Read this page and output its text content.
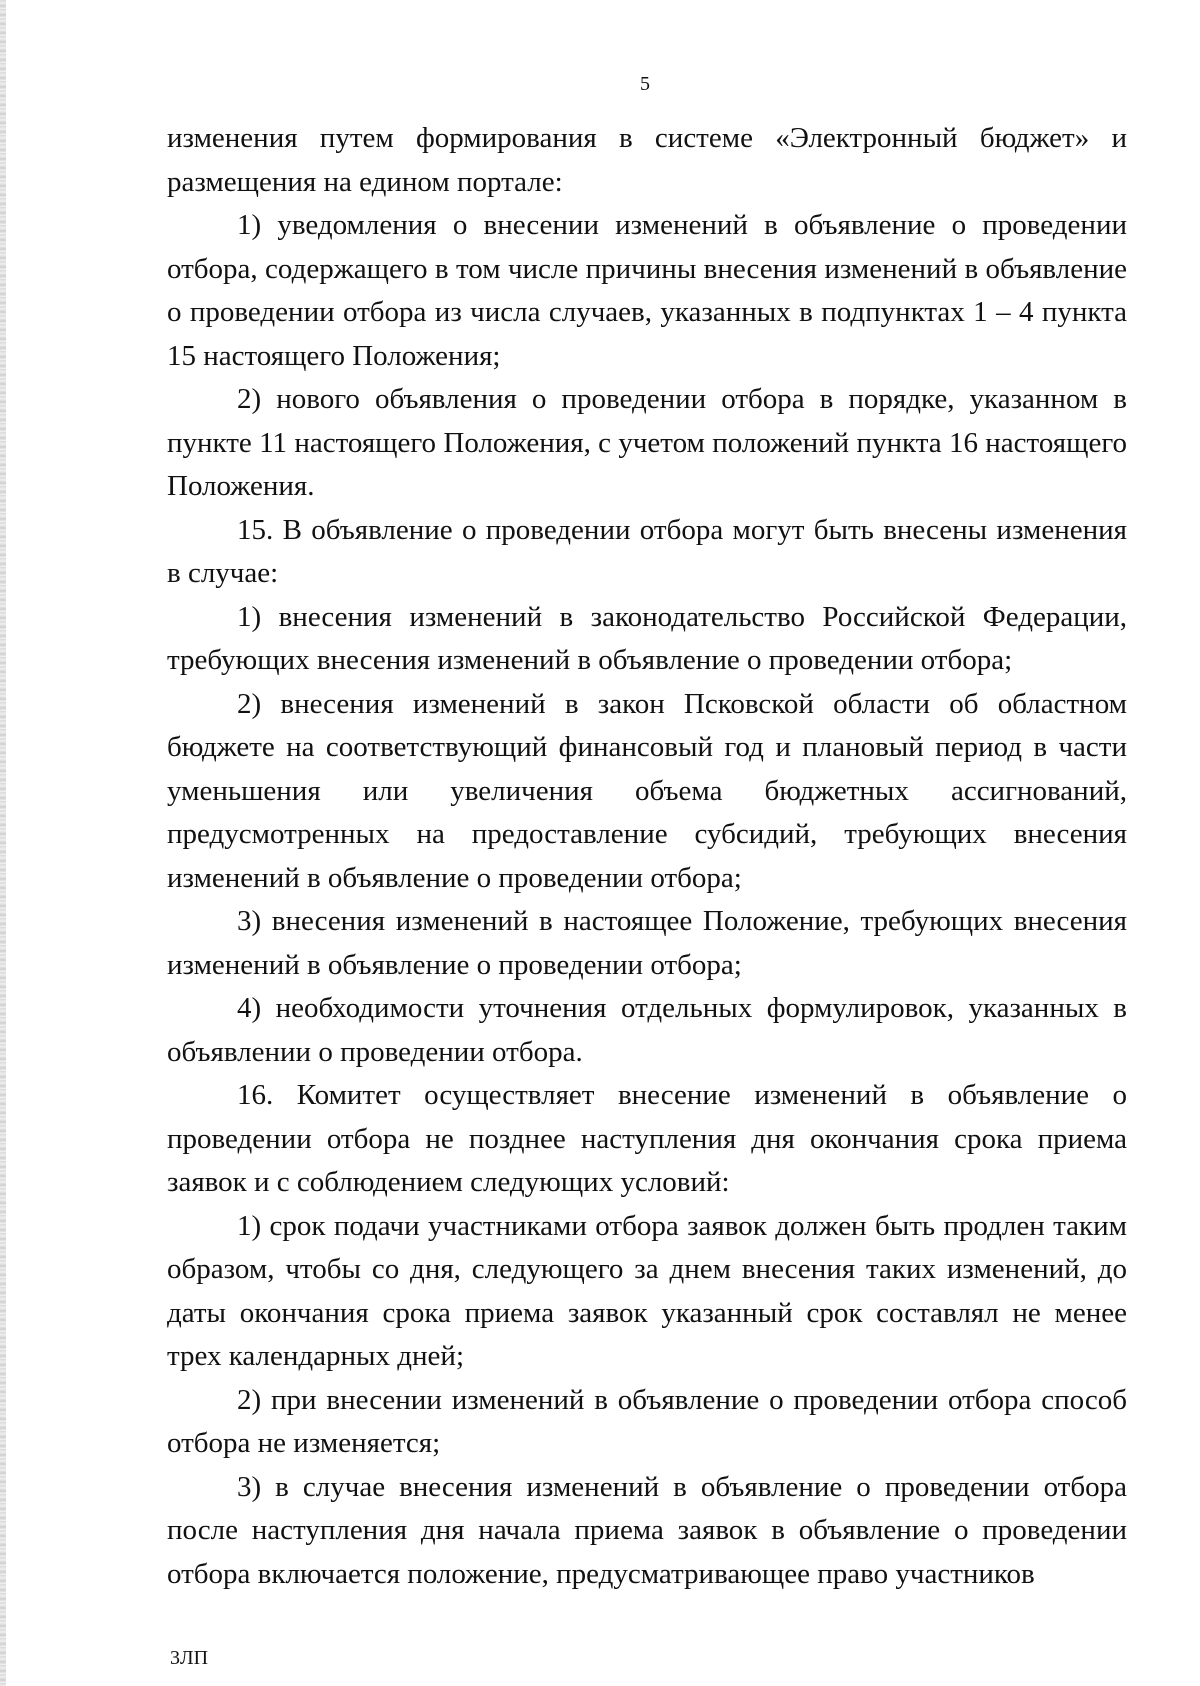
5

изменения путем формирования в системе «Электронный бюджет» и размещения на едином портале:

1) уведомления о внесении изменений в объявление о проведении отбора, содержащего в том числе причины внесения изменений в объявление о проведении отбора из числа случаев, указанных в подпунктах 1 – 4 пункта 15 настоящего Положения;

2) нового объявления о проведении отбора в порядке, указанном в пункте 11 настоящего Положения, с учетом положений пункта 16 настоящего Положения.

15. В объявление о проведении отбора могут быть внесены изменения в случае:

1) внесения изменений в законодательство Российской Федерации, требующих внесения изменений в объявление о проведении отбора;

2) внесения изменений в закон Псковской области об областном бюджете на соответствующий финансовый год и плановый период в части уменьшения или увеличения объема бюджетных ассигнований, предусмотренных на предоставление субсидий, требующих внесения изменений в объявление о проведении отбора;

3) внесения изменений в настоящее Положение, требующих внесения изменений в объявление о проведении отбора;

4) необходимости уточнения отдельных формулировок, указанных в объявлении о проведении отбора.

16. Комитет осуществляет внесение изменений в объявление о проведении отбора не позднее наступления дня окончания срока приема заявок и с соблюдением следующих условий:

1) срок подачи участниками отбора заявок должен быть продлен таким образом, чтобы со дня, следующего за днем внесения таких изменений, до даты окончания срока приема заявок указанный срок составлял не менее трех календарных дней;

2) при внесении изменений в объявление о проведении отбора способ отбора не изменяется;

3) в случае внесения изменений в объявление о проведении отбора после наступления дня начала приема заявок в объявление о проведении отбора включается положение, предусматривающее право участников

3ЛП
